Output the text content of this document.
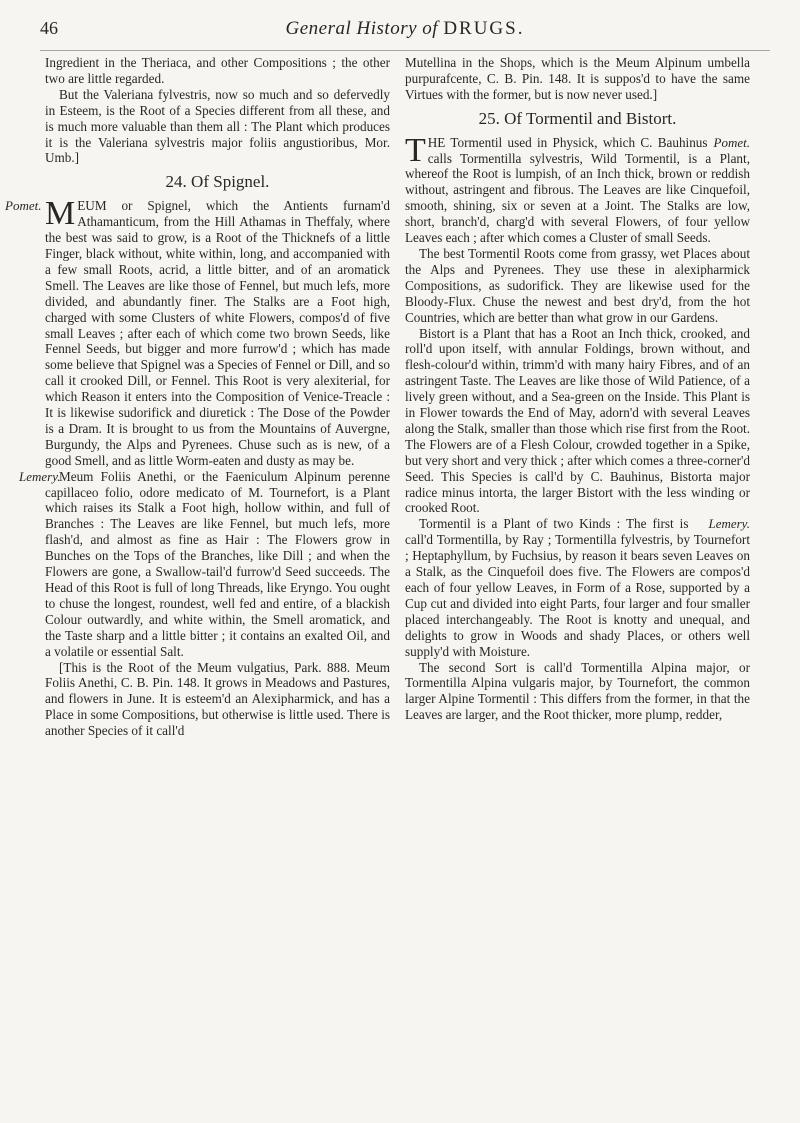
46	General History of DRUGS.

Ingredient in the Theriaca, and other Compositions ; the other two are little regarded.

But the Valeriana fylvestris, now so much and so defervedly in Esteem, is the Root of a Species different from all these, and is much more valuable than them all : The Plant which produces it is the Valeriana sylvestris major foliis angustioribus, Mor. Umb.]

24. Of Spignel.

Pomet. M EUM or Spignel, which the Antients furnam'd Athamanticum, from the Hill Athamas in Theffaly, where the best was said to grow, is a Root of the Thicknefs of a little Finger, black without, white within, long, and accompanied with a few small Roots, acrid, a little bitter, and of an aromatick Smell. The Leaves are like those of Fennel, but much lefs, more divided, and abundantly finer. The Stalks are a Foot high, charged with some Clusters of white Flowers, compos'd of five small Leaves ; after each of which come two brown Seeds, like Fennel Seeds, but bigger and more furrow'd ; which has made some believe that Spignel was a Species of Fennel or Dill, and so call it crooked Dill, or Fennel. This Root is very alexiterial, for which Reason it enters into the Composition of Venice-Treacle : It is likewise sudorifick and diuretick : The Dose of the Powder is a Dram. It is brought to us from the Mountains of Auvergne, Burgundy, the Alps and Pyrenees. Chuse such as is new, of a good Smell, and as little Worm-eaten and dusty as may be.

Lemery.
Meum Foliis Anethi, or the Faeniculum Alpinum perenne capillaceo folio, odore medicato of M. Tournefort, is a Plant which raises its Stalk a Foot high, hollow within, and full of Branches : The Leaves are like Fennel, but much lefs, more flash'd, and almost as fine as Hair : The Flowers grow in Bunches on the Tops of the Branches, like Dill ; and when the Flowers are gone, a Swallow-tail'd furrow'd Seed succeeds. The Head of this Root is full of long Threads, like Eryngo. You ought to chuse the longest, roundest, well fed and entire, of a blackish Colour outwardly, and white within, the Smell aromatick, and the Taste sharp and a little bitter ; it contains an exalted Oil, and a volatile or essential Salt.

[This is the Root of the Meum vulgatius, Park. 888. Meum Foliis Anethi, C. B. Pin. 148. It grows in Meadows and Pastures, and flowers in June. It is esteem'd an Alexipharmick, and has a Place in some Compositions, but otherwise is little used. There is another Species of it call'd

Mutellina in the Shops, which is the Meum Alpinum umbella purpurafcente, C. B. Pin. 148. It is suppos'd to have the same Virtues with the former, but is now never used.]

25. Of Tormentil and Bistort.

Pomet.
T HE Tormentil used in Physick, which C. Bauhinus calls Tormentilla sylvestris, Wild Tormentil, is a Plant, whereof the Root is lumpish, of an Inch thick, brown or reddish without, astringent and fibrous. The Leaves are like Cinquefoil, smooth, shining, six or seven at a Joint. The Stalks are low, short, branch'd, charg'd with several Flowers, of four yellow Leaves each ; after which comes a Cluster of small Seeds.

The best Tormentil Roots come from grassy, wet Places about the Alps and Pyrenees. They use these in alexipharmick Compositions, as sudorifick. They are likewise used for the Bloody-Flux. Chuse the newest and best dry'd, from the hot Countries, which are better than what grow in our Gardens.

Bistort is a Plant that has a Root an Inch thick, crooked, and roll'd upon itself, with annular Foldings, brown without, and flesh-colour'd within, trimm'd with many hairy Fibres, and of an astringent Taste. The Leaves are like those of Wild Patience, of a lively green without, and a Sea-green on the Inside. This Plant is in Flower towards the End of May, adorn'd with several Leaves along the Stalk, smaller than those which rise first from the Root. The Flowers are of a Flesh Colour, crowded together in a Spike, but very short and very thick ; after which comes a three-corner'd Seed. This Species is call'd by C. Bauhinus, Bistorta major radice minus intorta, the larger Bistort with the less winding or crooked Root.

Lemery.
Tormentil is a Plant of two Kinds : The first is call'd Tormentilla, by Ray ; Tormentilla fylvestris, by Tournefort ; Heptaphyllum, by Fuchsius, by reason it bears seven Leaves on a Stalk, as the Cinquefoil does five. The Flowers are compos'd each of four yellow Leaves, in Form of a Rose, supported by a Cup cut and divided into eight Parts, four larger and four smaller placed interchangeably. The Root is knotty and unequal, and delights to grow in Woods and shady Places, or others well supply'd with Moisture.

The second Sort is call'd Tormentilla Alpina major, or Tormentilla Alpina vulgaris major, by Tournefort, the common larger Alpine Tormentil : This differs from the former, in that the Leaves are larger, and the Root thicker, more plump, redder,
